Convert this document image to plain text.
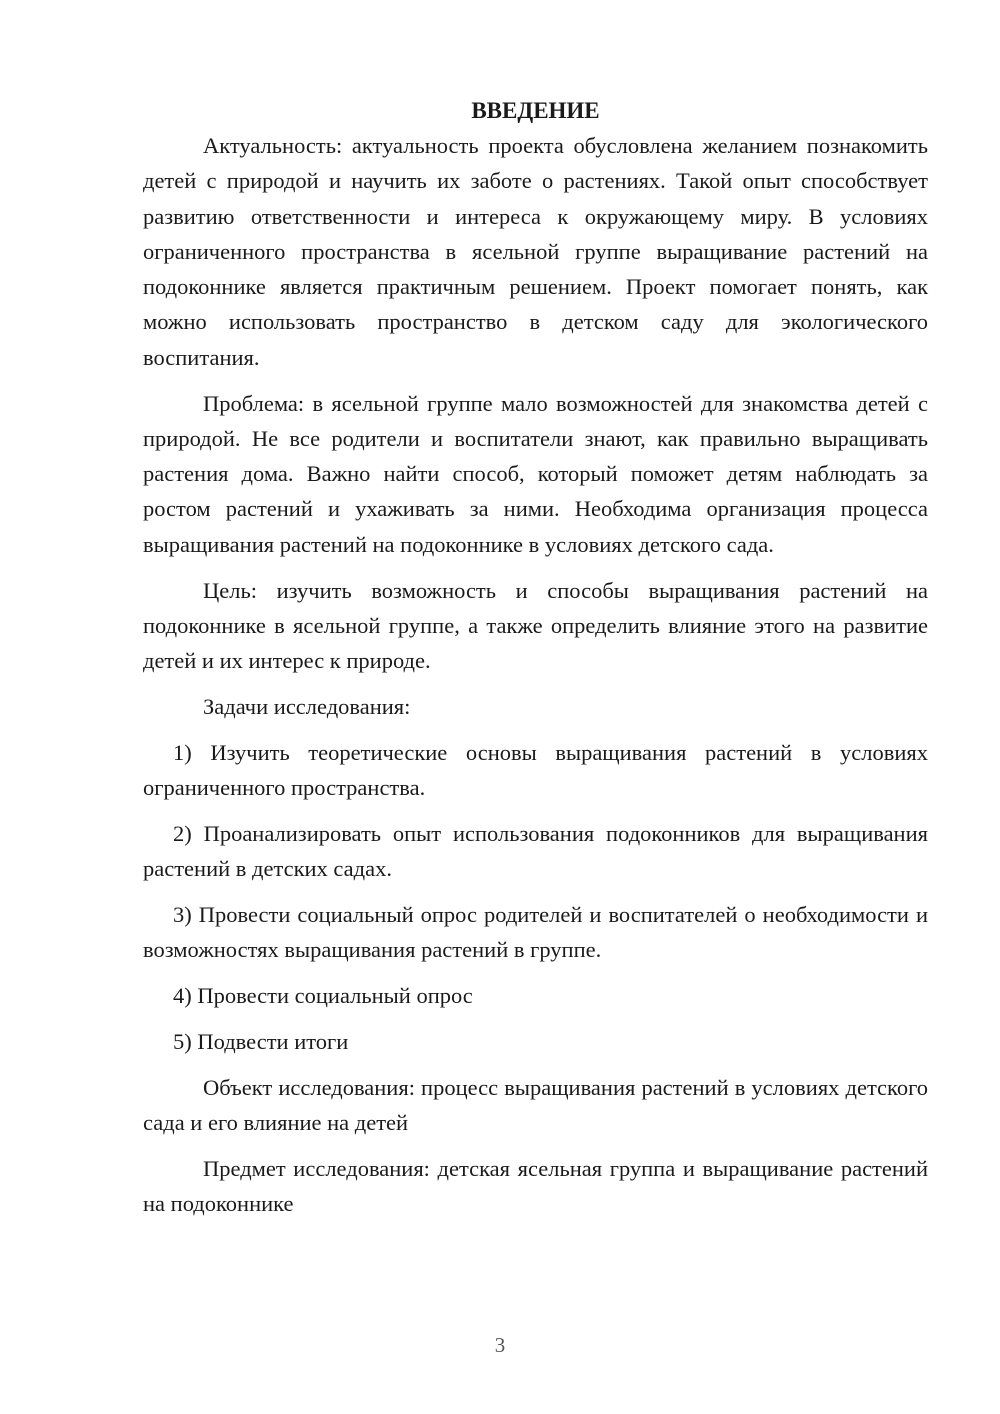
ВВЕДЕНИЕ

Актуальность: актуальность проекта обусловлена желанием познакомить детей с природой и научить их заботе о растениях. Такой опыт способствует развитию ответственности и интереса к окружающему миру. В условиях ограниченного пространства в ясельной группе выращивание растений на подоконнике является практичным решением. Проект помогает понять, как можно использовать пространство в детском саду для экологического воспитания.

Проблема: в ясельной группе мало возможностей для знакомства детей с природой. Не все родители и воспитатели знают, как правильно выращивать растения дома. Важно найти способ, который поможет детям наблюдать за ростом растений и ухаживать за ними. Необходима организация процесса выращивания растений на подоконнике в условиях детского сада.

Цель: изучить возможность и способы выращивания растений на подоконнике в ясельной группе, а также определить влияние этого на развитие детей и их интерес к природе.

Задачи исследования:

1) Изучить теоретические основы выращивания растений в условиях ограниченного пространства.

2) Проанализировать опыт использования подоконников для выращивания растений в детских садах.

3) Провести социальный опрос родителей и воспитателей о необходимости и возможностях выращивания растений в группе.

4) Провести социальный опрос

5) Подвести итоги

Объект исследования: процесс выращивания растений в условиях детского сада и его влияние на детей

Предмет исследования: детская ясельная группа и выращивание растений на подоконнике

3
